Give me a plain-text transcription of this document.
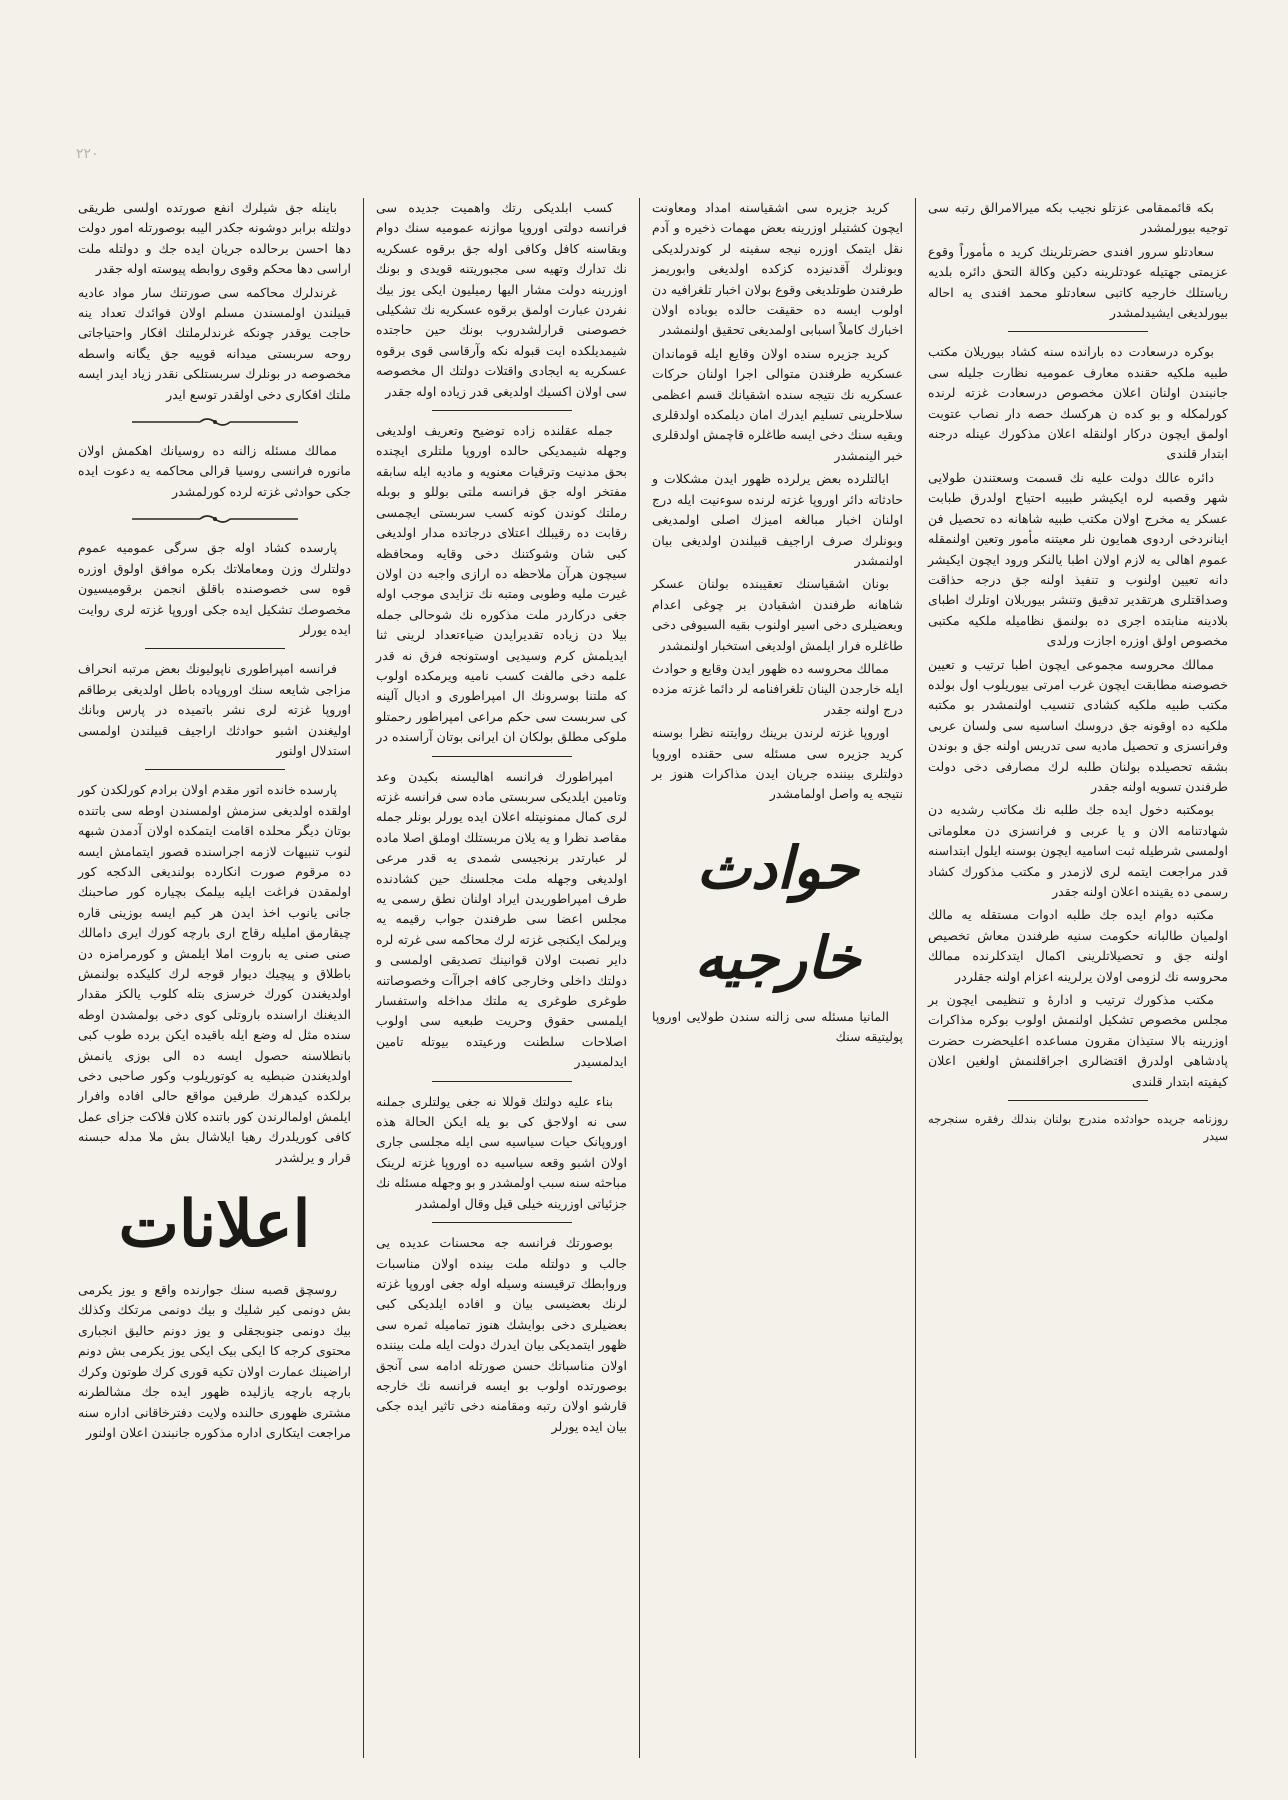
۲۲۰

باینله جق شیلرك انفع صورتده اولسی طریقی دولتله برابر دوشونه جکدر الیبه بوصورتله امور دولت دها احسن برحالده جریان ایده جك و دولتله ملت اراسی دها محکم وقوی روابطه پیوسته اوله جقدر

غرندلرك محاکمه سی صورتنك سار مواد عادیه قبیلندن اولمسندن مسلم اولان فوائدك تعداد ینه حاجت یوقدر چونکه غرندلرملتك افکار واحتیاجاتی روحه سربستی میدانه قوییه جق یگانه واسطه مخصوصه در بونلرك سربستلکی نقدر زیاد ایدر ایسه ملتك افکاری دخی اولقدر توسع ایدر

ممالك مسئله زالنه ده روسیانك اهکمش اولان مانوره فرانسی روسیا قرالی محاکمه یه دعوت ایده جکی حوادثی غزته لرده کورلمشدر

پارسده کشاد اوله جق سرگی عمومیه عموم دولتلرك وزن ومعاملاتك بکره موافق اولوق اوزره قوه سی خصوصنده باقلق انجمن برقومیسیون مخصوصك تشکیل ایده جکی اوروپا غزته لری روایت ایده یورلر

فرانسه امپراطوری ناپولیونك بعض مرتبه انحراف مزاجی شایعه سنك اوروپاده باطل اولدیغی برطاقم اوروپا غزته لری نشر باتمیده در پارس وبانك اولیغندن اشبو حوادثك اراجیف قبیلندن اولمسی استدلال اولنور

پارسده خانده اتور مقدم اولان برادم کورلکدن کور اولقده اولدیغی سزمش اولمسندن اوطه سی باتنده بوتان دیگر محلده اقامت ایتمکده اولان آدمدن شبهه لنوب تنبیهات لازمه اجراسنده قصور ایتمامش ایسه ده مرقوم صورت انکارده بولندیغی الدکجه کور اولمقدن فراغت ایلیه بیلمک بچیاره کور صاحبنك جانی یانوب اخذ ایدن هر کیم ایسه بوزینی قاره چیقارمق املیله رقاج اری بارچه کورك ایری دامالك صنی صنی یه باروت املا ایلمش و کورمرامزه دن باطلاق و پیچیك دیوار قوجه لرك کلیکده بولنمش اولدیغندن کورك خرسزی بتله کلوب یالکز مقدار الدیغنك اراسنده باروتلی کوی دخی بولمشدن اوطه سنده مثل له وضع ایله باقیده ایکن برده طوب کبی بانطلاسنه حصول ایسه ده الی بوزی یانمش اولدیغندن ضبطیه یه کوتوریلوب وکور صاحبی دخی برلکده کیدهرك طرفین مواقع حالی افاده وافرار ایلمش اولمالرندن کور باتنده کلان فلاکت جزای عمل کافی کوریلدرك رهیا ایلاشال بش ملا مدله حبسنه قرار و یرلشدر

اعلانات

روسچق قصبه سنك جوارنده واقع و یوز یکرمی بش دونمی کیر شلیك و بیك دونمی مرتکك وکذلك بیك دونمی جنوبجقلی و یوز دونم حالیق انجباری محتوی کرجه کا ایکی بیک ایکی یوز یکرمی بش دونم اراضینك عمارت اولان تکیه قوری کرك طوتون وکرك بارچه بارچه یازلیده ظهور ایده جك مشالطرنه مشتری ظهوری حالنده ولایت دفترخاقانی اداره سنه مراجعت ایتکاری اداره مذکوره جانبندن اعلان اولنور

کسب ابلدیکی رتك واهمیت جدیده سی فرانسه دولتی اوروپا موازنه عمومیه سنك دوام وبقاسنه کافل وکافی اوله جق برقوه عسکریه نك تدارك وتهیه سی مجبوریتنه قویدی و بونك اوزرینه دولت مشار الیها رمیلیون ایکی یوز بیك نفردن عبارت اولمق برقوه عسکریه نك تشکیلی خصوصنی قرارلشدروب بونك حین حاجتده شیمدیلکده ایت قبوله نكه وآرقاسی قوی برقوه عسکریه یه ایجادی واقتلات دولتك ال مخصوصه سی اولان اکسیك اولدیغی قدر زیاده اوله جقدر

جمله عقلنده زاده توضیح وتعریف اولدیغی وجهله شیمدیکی حالده اوروپا ملتلری ایچنده بحق مدنیت وترقیات معنویه و مادیه ایله سابقه مفتخر اوله جق فرانسه ملتی بوللو و بوبله رملتك کوندن کونه کسب سربستی ایچمسی رقابت ده رقیبلك اعتلای درجاتده مدار اولدیغی کبی شان وشوکتنك دخی وقایه ومحافظه سیچون هرآن ملاحظه ده ارازی واجبه دن اولان غیرت ملیه وطوبی ومتبه نك تزایدی موجب اوله جغی درکاردر ملت مذکوره نك شوحالی جمله بیلا دن زیاده تقدیرایدن ضیاءتعداد لرینی ثنا ایدیلمش کرم وسیدیی اوستونجه فرق نه قدر علمه دخی مالفت کسب نامیه ویرمكده اولوب که ملتنا بوسرونك ال امپراطوری و ادیال آلینه کی سربست سی حکم مراعی امپراطور رحمتلو ملوکی مطلق بولکان ان ایرانی بوتان آراسنده در

امپراطورك فرانسه اهالیسنه بکیدن وعد وتامین ایلدیکی سربستی ماده سی فرانسه غزته لری کمال ممنونیتله اعلان ایده یورلر بونلر جمله مقاصد نظرا و یه یلان مربستلك اوملق اصلا ماده لر عبارتدر برنجیسی شمدی یه قدر مرعی اولدیغی وجهله ملت مجلسنك حین کشادنده طرف امپراطوریدن ایراد اولنان نطق رسمی یه مجلس اعضا سی طرفندن جواب رقیمه یه ویرلمک ایکنجی غزته لرك محاکمه سی غرته لره دایر نصبت اولان قوانینك تصدیقی اولمسی و دولتك داخلی وخارجی کافه اجراآت وخصوصاتنه طوغری طوغری یه ملتك مداخله واستفسار ایلمسی حقوق وحریت طبعیه سی اولوب اصلاحات سلطنت ورعیتده بیوتله تامین ایدلمسیدر

بناء علیه دولتك قوللا نه جغی یولتلری جملنه سی نه اولاجق کی بو یله ایکن الحالة هذه اوروپانک حیات سیاسیه سی ایله مجلسی جاری اولان اشبو وقعه سیاسیه ده اوروپا غزته لرینک مباحثه سنه سبب اولمشدر و بو وجهله مسئله نك جزئیاتی اوزرینه خیلی قیل وقال اولمشدر

بوصورتك فرانسه جه محسنات عدیده یی جالب و دولتله ملت بینده اولان مناسبات وروابطك ترقیسنه وسیله اوله جغی اوروپا غزته لرنك بعضیسی بیان و افاده ایلدیکی کبی بعضیلری دخی بوایشك هنوز تمامیله ثمره سی ظهور ایتمدیکی بیان ایدرك دولت ایله ملت بیننده اولان مناسباتك حسن صورتله ادامه سی آنجق بوصورتده اولوب بو ایسه فرانسه نك خارجه قارشو اولان رتبه ومقامنه دخی تاثیر ایده جکی بیان ایده یورلر

کرید جزیره سی اشقیاسنه امداد ومعاونت ایچون کشتیلر اوزرینه بعض مهمات ذخیره و آدم نقل ایتمک اوزره نیجه سفینه لر کوندرلدیکی وبونلرك آقدنیزده کزکده اولدیغی وابوریمز طرفندن طوتلدیغی وقوع بولان اخبار تلغرافیه دن اولوب ایسه ده حقیقت حالده بوباده اولان اخبارك کاملاً اسبابی اولمدیغی تحقیق اولنمشدر

کرید جزیره سنده اولان وقایع ایله قوماندان عسکریه طرفندن متوالی اجرا اولنان حرکات عسکریه نك نتیجه سنده اشقیانك قسم اعظمی سلاحلرینی تسلیم ایدرك امان دیلمکده اولدقلری وبقیه سنك دخی ایسه طاغلره قاچمش اولدقلری خبر الینمشدر

ایالتلرده بعض یرلرده ظهور ایدن مشکلات و حادثاته دائر اوروپا غزته لرنده سوءنیت ایله درج اولنان اخبار مبالغه امیزك اصلی اولمدیغی وبونلرك صرف اراجیف قبیلندن اولدیغی بیان اولنمشدر

بونان اشقیاسنك تعقیبنده بولنان عسکر شاهانه طرفندن اشقیادن بر چوغی اعدام وبعضیلری دخی اسیر اولنوب بقیه السیوفی دخی طاغلره فرار ایلمش اولدیغی استخبار اولنمشدر

ممالك محروسه ده ظهور ایدن وقایع و حوادث ایله خارجدن الینان تلغرافنامه لر دائما غزته مزده درج اولنه جقدر

اوروپا غزته لرندن برینك روایتنه نظرا بوسنه کرید جزیره سی مسئله سی حقنده اوروپا دولتلری بیننده جریان ایدن مذاکرات هنوز بر نتیجه یه واصل اولمامشدر

حوادث خارجیه

المانیا مسئله سی زالنه سندن طولایی اوروپا پولیتیقه سنك

بکه قائممقامی عزتلو نجیب بکه میرالامرالق رتبه سی توجیه بیورلمشدر

سعادتلو سرور افندی حضرتلرینك کرید ه مأموراً وقوع عزیمتی جهتیله عودتلرینه دکین وکالة التحق دائره بلدیه ریاستلك خارجیه کاتبی سعادتلو محمد افندی یه احاله بیورلدیغی ایشیدلمشدر

بوکره درسعادت ده بارانده سنه کشاد بیوریلان مکتب طبیه ملکیه حقنده معارف عمومیه نظارت جلیله سی جانبندن اولنان اعلان مخصوص درسعادت غزته لرنده کورلمکله و بو کده ن هرکسك حصه دار نصاب عتوبت اولمق ایچون درکار اولنقله اعلان مذکورك عینله درجنه ابتدار قلندی

دائره عالك دولت علیه نك قسمت وسعتندن طولایی شهر وقصبه لره ایکیشر طبیبه احتیاج اولدرق طبابت عسکر یه مخرج اولان مکتب طبیه شاهانه ده تحصیل فن اینانردخی اردوی همایون نلر معیتنه مأمور وتعین اولنمقله عموم اهالی یه لازم اولان اطبا یالنکر ورود ایچون ایکیشر دانه تعیین اولنوب و تنفیذ اولنه جق درجه حذاقت وصداقتلری هرتقدیر تدقیق وتنشر بیوریلان اوتلرك اطبای بلادینه منابتده اجری ده بولنمق نظامیله ملکیه مکتبی مخصوص اولق اوزره اجازت ورلدی

ممالك محروسه مجموعی ایچون اطبا ترتیب و تعیین خصوصنه مطابقت ایچون غرب امرتی بیوریلوب اول بولده مکتب طبیه ملکیه کشادی تنسیب اولنمشدر بو مکتبه ملکیه ده اوقونه جق دروسك اساسیه سی ولسان عربی وفرانسزی و تحصیل مادیه سی تدریس اولنه جق و بوندن بشقه تحصیلده بولنان طلبه لرك مصارفی دخی دولت طرفندن تسویه اولنه جقدر

بومکتبه دخول ایده جك طلبه نك مکاتب رشدیه دن شهادتنامه الان و یا عربی و فرانسزی دن معلوماتی اولمسی شرطیله ثبت اسامیه ایچون بوسنه ایلول ابتداسنه قدر مراجعت ایتمه لری لازمدر و مکتب مذکورك کشاد رسمی ده یقینده اعلان اولنه جقدر

مکتبه دوام ایده جك طلبه ادوات مستقله یه مالك اولمیان طالبانه حکومت سنیه طرفندن معاش تخصیص اولنه جق و تحصیلاتلرینی اکمال ایتدکلرنده ممالك محروسه نك لزومی اولان یرلرینه اعزام اولنه جقلردر

مکتب مذکورك ترتیب و ادارهٔ و تنظیمی ایچون بر مجلس مخصوص تشکیل اولنمش اولوب بوکره مذاکرات اوزرینه بالا ستیذان مقرون مساعده اعلیحضرت حضرت پادشاهی اولدرق اقتضالری اجراقلنمش اولغین اعلان کیفیته ابتدار قلندی

روزنامه جریده حوادثده مندرج بولنان بندلك رفقره سنجرجه سیدر
